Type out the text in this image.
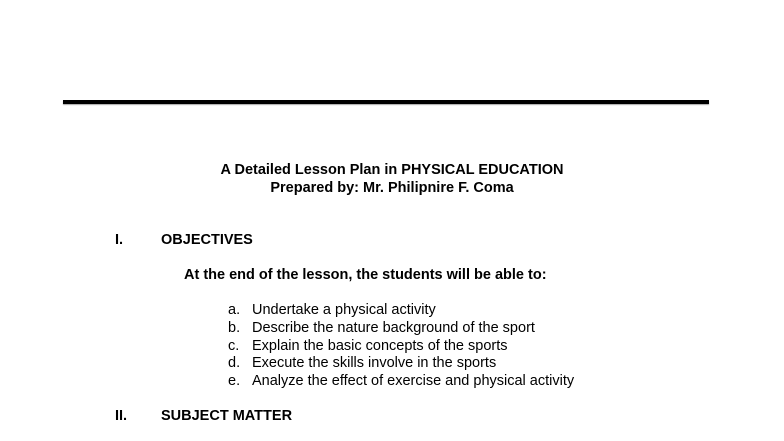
A Detailed Lesson Plan in PHYSICAL EDUCATION
Prepared by: Mr. Philipnire F. Coma
I.	OBJECTIVES
At the end of the lesson, the students will be able to:
a. Undertake a physical activity
b. Describe the nature background of the sport
c. Explain the basic concepts of the sports
d. Execute the skills involve in the sports
e. Analyze the effect of exercise and physical activity
II. SUBJECT MATTER
